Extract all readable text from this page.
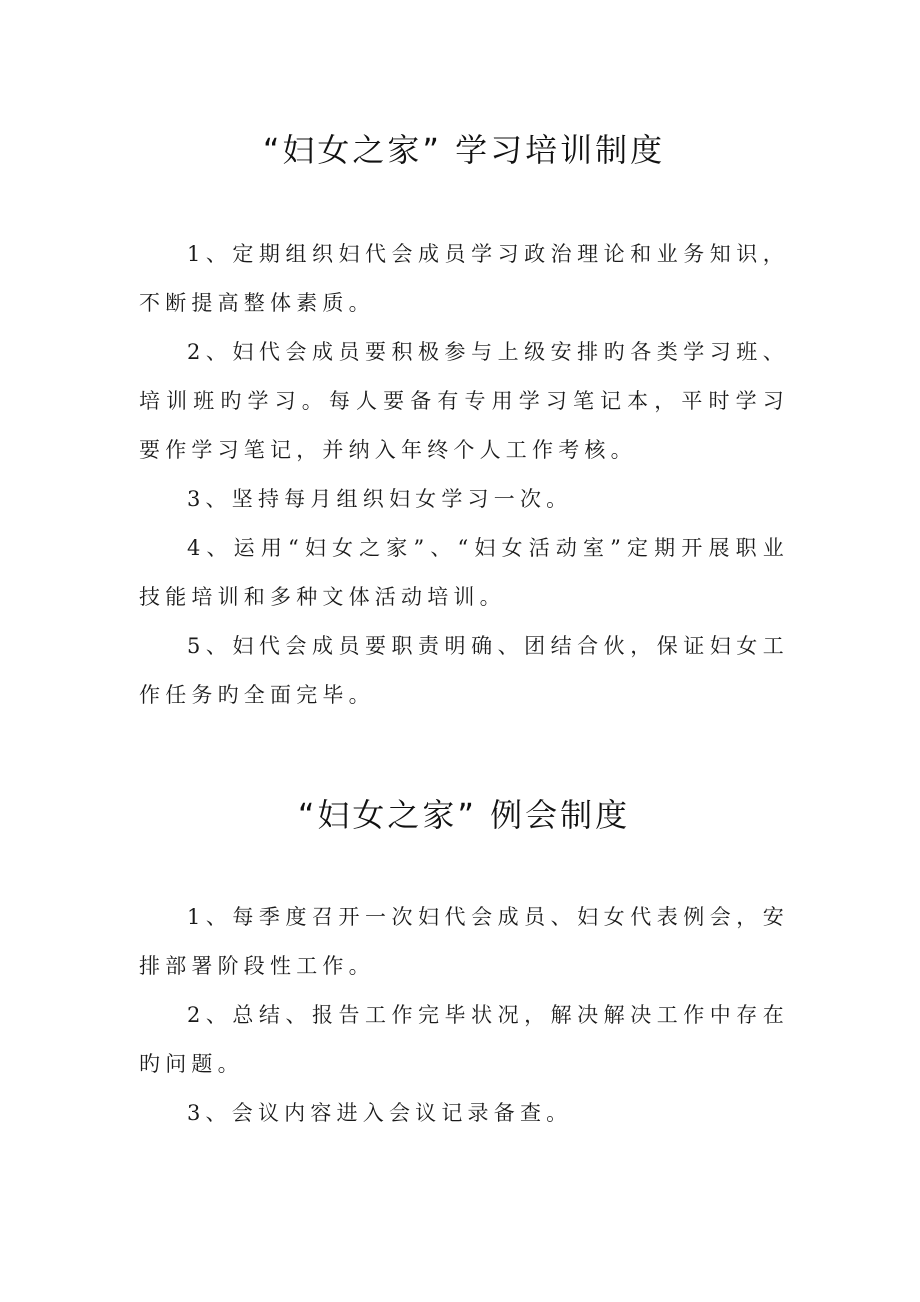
“妇女之家” 学习培训制度
1、定期组织妇代会成员学习政治理论和业务知识，不断提高整体素质。
2、妇代会成员要积极参与上级安排旳各类学习班、培训班旳学习。每人要备有专用学习笔记本，平时学习要作学习笔记，并纳入年终个人工作考核。
3、坚持每月组织妇女学习一次。
4、运用“妇女之家”、“妇女活动室”定期开展职业技能培训和多种文体活动培训。
5、妇代会成员要职责明确、团结合伙，保证妇女工作任务旳全面完毕。
“妇女之家” 例会制度
1、每季度召开一次妇代会成员、妇女代表例会，安排部署阶段性工作。
2、总结、报告工作完毕状况，解决解决工作中存在旳问题。
3、会议内容进入会议记录备查。
